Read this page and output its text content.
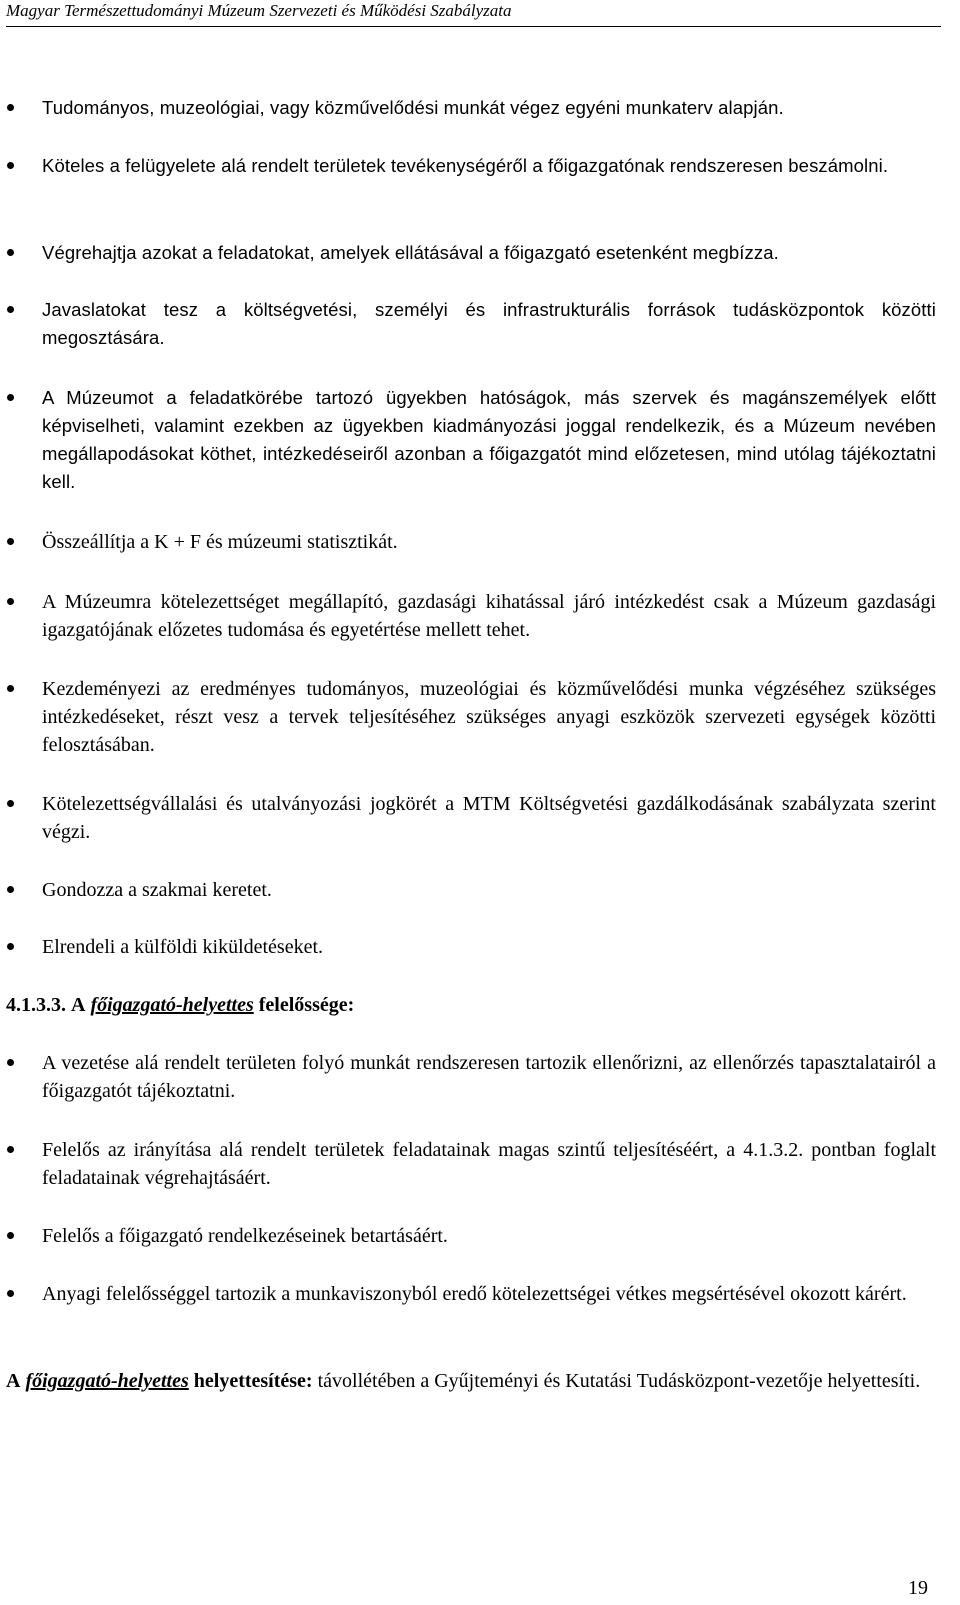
Magyar Természettudományi Múzeum Szervezeti és Működési Szabályzata
Tudományos, muzeológiai, vagy közművelődési munkát végez egyéni munkaterv alapján.
Köteles a felügyelete alá rendelt területek tevékenységéről a főigazgatónak rendszeresen beszámolni.
Végrehajtja azokat a feladatokat, amelyek ellátásával a főigazgató esetenként megbízza.
Javaslatokat tesz a költségvetési, személyi és infrastrukturális források tudásközpontok közötti megosztására.
A Múzeumot a feladatkörébe tartozó ügyekben hatóságok, más szervek és magánszemélyek előtt képviselheti, valamint ezekben az ügyekben kiadmányozási joggal rendelkezik, és a Múzeum nevében megállapodásokat köthet, intézkedéseiről azonban a főigazgatót mind előzetesen, mind utólag tájékoztatni kell.
Összeállítja a K + F és múzeumi statisztikát.
A Múzeumra kötelezettséget megállapító, gazdasági kihatással járó intézkedést csak a Múzeum gazdasági igazgatójának előzetes tudomása és egyetértése mellett tehet.
Kezdeményezi az eredményes tudományos, muzeológiai és közművelődési munka végzéséhez szükséges intézkedéseket, részt vesz a tervek teljesítéséhez szükséges anyagi eszközök szervezeti egységek közötti felosztásában.
Kötelezettségvállalási és utalványozási jogkörét a MTM Költségvetési gazdálkodásának szabályzata szerint végzi.
Gondozza a szakmai keretet.
Elrendeli a külföldi kiküldetéseket.
4.1.3.3. A főigazgató-helyettes felelőssége:
A vezetése alá rendelt területen folyó munkát rendszeresen tartozik ellenőrizni, az ellenőrzés tapasztalatairól a főigazgatót tájékoztatni.
Felelős az irányítása alá rendelt területek feladatainak magas szintű teljesítéséért, a 4.1.3.2. pontban foglalt feladatainak végrehajtásáért.
Felelős a főigazgató rendelkezéseinek betartásáért.
Anyagi felelősséggel tartozik a munkaviszonyból eredő kötelezettségei vétkes megsértésével okozott kárért.
A főigazgató-helyettes helyettesítése: távollétében a Gyűjteményi és Kutatási Tudásközpont-vezetője helyettesíti.
19
